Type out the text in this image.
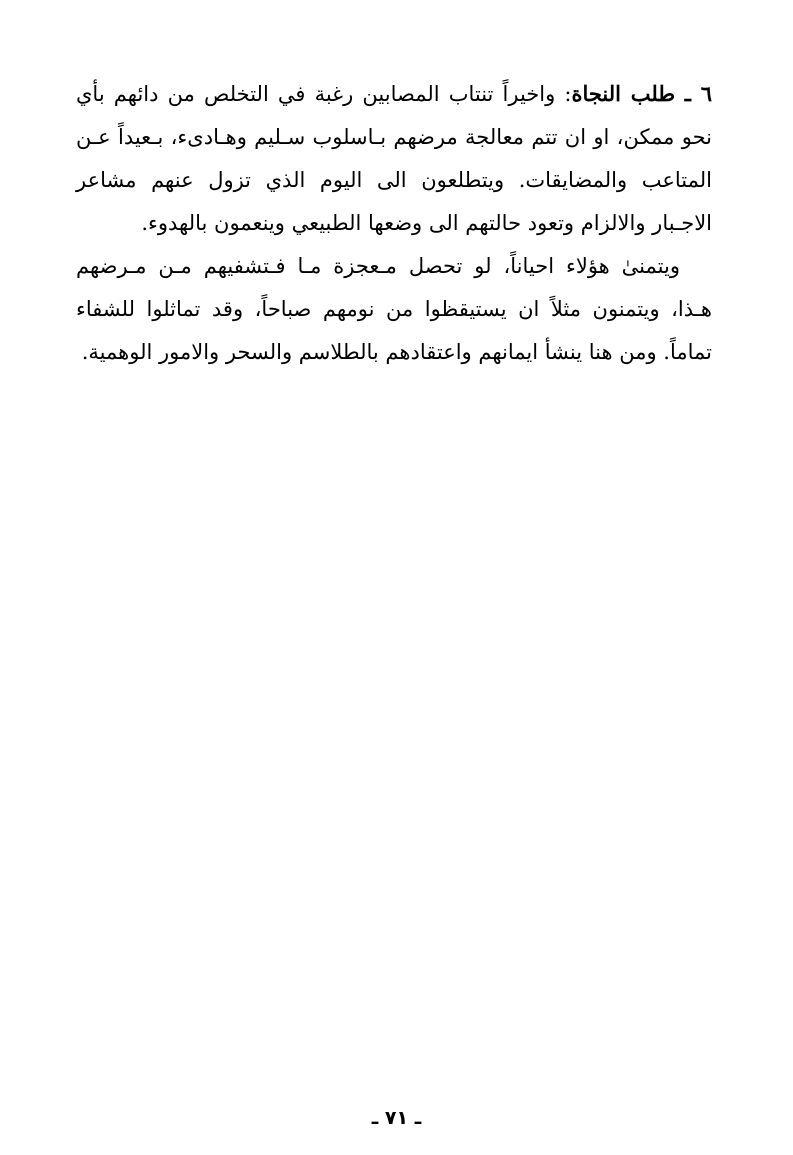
٦ ـ طلب النجاة: واخيراً تنتاب المصابين رغبة في التخلص من دائهم بأي نحو ممكن، او ان تتم معالجة مرضهم بـاسلوب سـليم وهـادىء، بـعيداً عـن المتاعب والمضايقات. ويتطلعون الى اليوم الذي تزول عنهم مشاعر الاجـبار والالزام وتعود حالتهم الى وضعها الطبيعي وينعمون بالهدوء.

ويتمنىٰ هؤلاء احياناً، لو تحصل مـعجزة مـا فـتشفيهم مـن مـرضهم هـذا، ويتمنون مثلاً ان يستيقظوا من نومهم صباحاً، وقد تماثلوا للشفاء تماماً. ومن هنا ينشأ ايمانهم واعتقادهم بالطلاسم والسحر والامور الوهمية.

ـ ٧١ ـ
